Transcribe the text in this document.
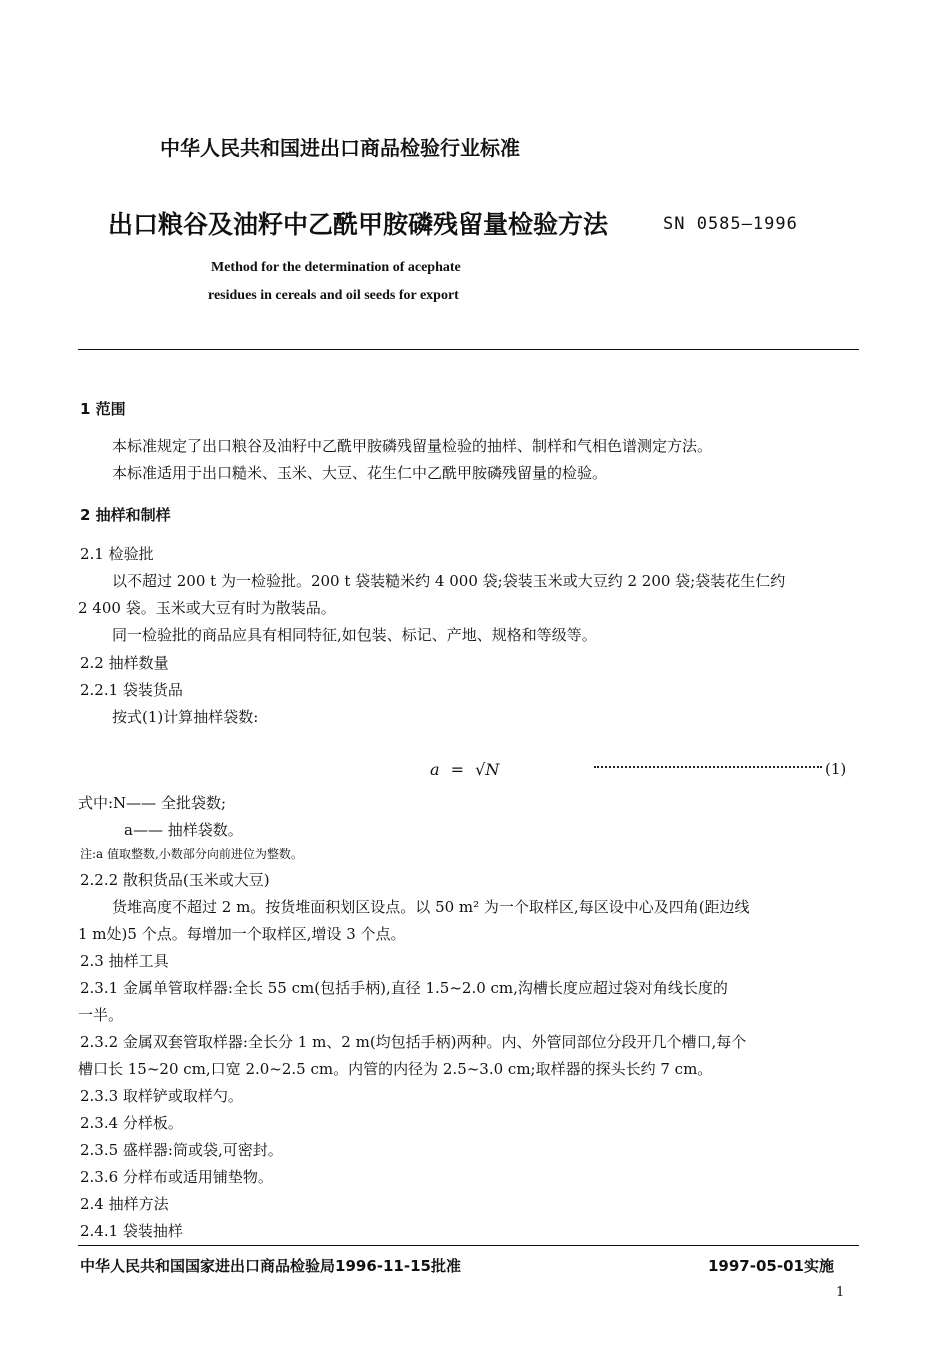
中华人民共和国进出口商品检验行业标准
出口粮谷及油籽中乙酰甲胺磷残留量检验方法	SN 0585—1996
Method for the determination of acephate
residues in cereals and oil seeds for export
1 范围
本标准规定了出口粮谷及油籽中乙酰甲胺磷残留量检验的抽样、制样和气相色谱测定方法。
本标准适用于出口糙米、玉米、大豆、花生仁中乙酰甲胺磷残留量的检验。
2 抽样和制样
2.1 检验批
以不超过 200 t 为一检验批。200 t 袋装糙米约 4 000 袋;袋装玉米或大豆约 2 200 袋;袋装花生仁约
2 400 袋。玉米或大豆有时为散装品。
同一检验批的商品应具有相同特征,如包装、标记、产地、规格和等级等。
2.2 抽样数量
2.2.1 袋装货品
按式(1)计算抽样袋数:
a = √N	(1)
式中:N—— 全批袋数;
a—— 抽样袋数。
注:a 值取整数,小数部分向前进位为整数。
2.2.2 散积货品(玉米或大豆)
货堆高度不超过 2 m。按货堆面积划区设点。以 50 m² 为一个取样区,每区设中心及四角(距边线
1 m处)5 个点。每增加一个取样区,增设 3 个点。
2.3 抽样工具
2.3.1 金属单管取样器:全长 55 cm(包括手柄),直径 1.5~2.0 cm,沟槽长度应超过袋对角线长度的
一半。
2.3.2 金属双套管取样器:全长分 1 m、2 m(均包括手柄)两种。内、外管同部位分段开几个槽口,每个
槽口长 15~20 cm,口宽 2.0~2.5 cm。内管的内径为 2.5~3.0 cm;取样器的探头长约 7 cm。
2.3.3 取样铲或取样勺。
2.3.4 分样板。
2.3.5 盛样器:筒或袋,可密封。
2.3.6 分样布或适用铺垫物。
2.4 抽样方法
2.4.1 袋装抽样
中华人民共和国国家进出口商品检验局1996-11-15批准	1997-05-01实施
1
